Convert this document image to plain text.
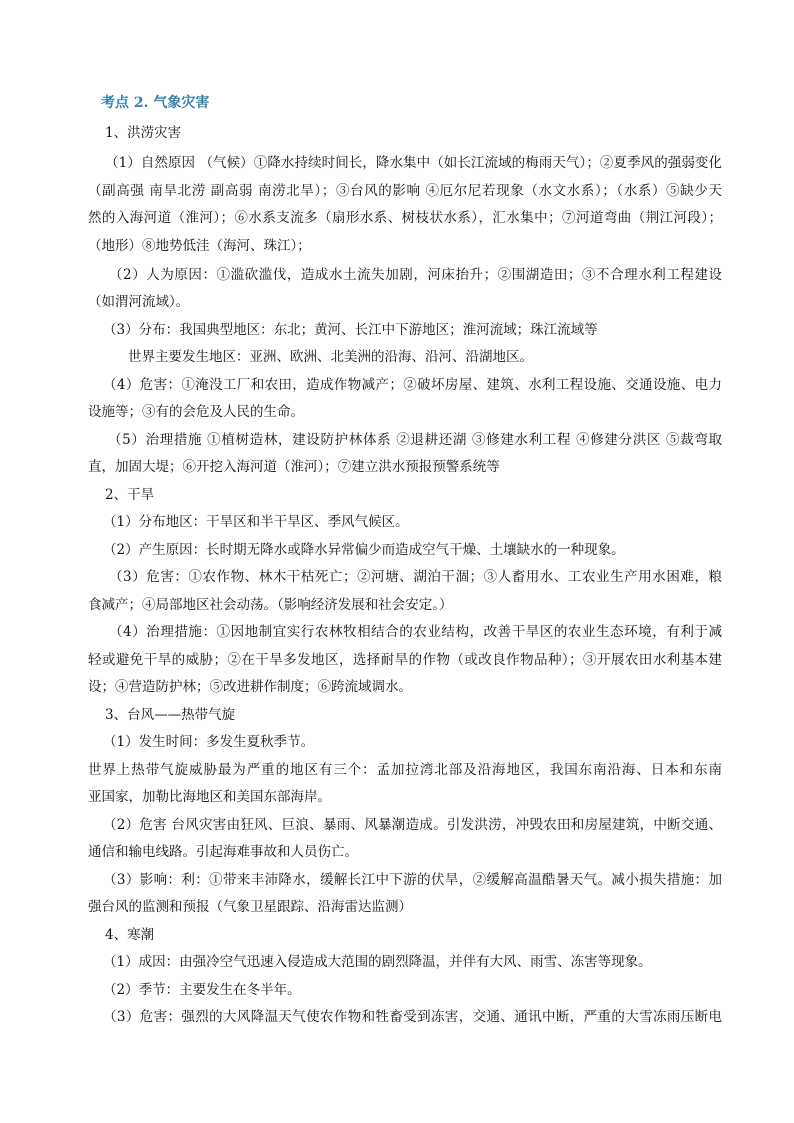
考点 2. 气象灾害
1、洪涝灾害
（1）自然原因 （气候）①降水持续时间长，降水集中（如长江流域的梅雨天气）；②夏季风的强弱变化
（副高强 南旱北涝 副高弱 南涝北旱）；③台风的影响 ④厄尔尼若现象（水文水系）；（水系）⑤缺少天
然的入海河道（淮河）；⑥水系支流多（扇形水系、树枝状水系），汇水集中；⑦河道弯曲（荆江河段）；
（地形）⑧地势低洼（海河、珠江）；
（2）人为原因：①滥砍滥伐，造成水土流失加剧，河床抬升；②围湖造田；③不合理水利工程建设
（如渭河流域）。
（3）分布：我国典型地区：东北；黄河、长江中下游地区；淮河流域；珠江流域等
世界主要发生地区：亚洲、欧洲、北美洲的沿海、沿河、沿湖地区。
（4）危害：①淹没工厂和农田，造成作物减产；②破坏房屋、建筑、水利工程设施、交通设施、电力
设施等；③有的会危及人民的生命。
（5）治理措施 ①植树造林，建设防护林体系 ②退耕还湖 ③修建水利工程 ④修建分洪区 ⑤裁弯取
直，加固大堤；⑥开挖入海河道（淮河）；⑦建立洪水预报预警系统等
2、干旱
（1）分布地区：干旱区和半干旱区、季风气候区。
（2）产生原因：长时期无降水或降水异常偏少而造成空气干燥、土壤缺水的一种现象。
（3）危害：①农作物、林木干枯死亡；②河塘、湖泊干涸；③人畜用水、工农业生产用水困难，粮
食减产；④局部地区社会动荡。（影响经济发展和社会安定。）
（4）治理措施：①因地制宜实行农林牧相结合的农业结构，改善干旱区的农业生态环境，有利于减
轻或避免干旱的威胁；②在干旱多发地区，选择耐旱的作物（或改良作物品种）；③开展农田水利基本建
设；④营造防护林；⑤改进耕作制度；⑥跨流域调水。
3、台风——热带气旋
（1）发生时间：多发生夏秋季节。
世界上热带气旋威胁最为严重的地区有三个：孟加拉湾北部及沿海地区，我国东南沿海、日本和东南
亚国家，加勒比海地区和美国东部海岸。
（2）危害 台风灾害由狂风、巨浪、暴雨、风暴潮造成。引发洪涝，冲毁农田和房屋建筑，中断交通、
通信和输电线路。引起海难事故和人员伤亡。
（3）影响：利：①带来丰沛降水，缓解长江中下游的伏旱，②缓解高温酷暑天气。减小损失措施：加
强台风的监测和预报（气象卫星跟踪、沿海雷达监测）
4、寒潮
（1）成因：由强冷空气迅速入侵造成大范围的剧烈降温，并伴有大风、雨雪、冻害等现象。
（2）季节：主要发生在冬半年。
（3）危害：强烈的大风降温天气使农作物和牲畜受到冻害，交通、通讯中断，严重的大雪冻雨压断电
